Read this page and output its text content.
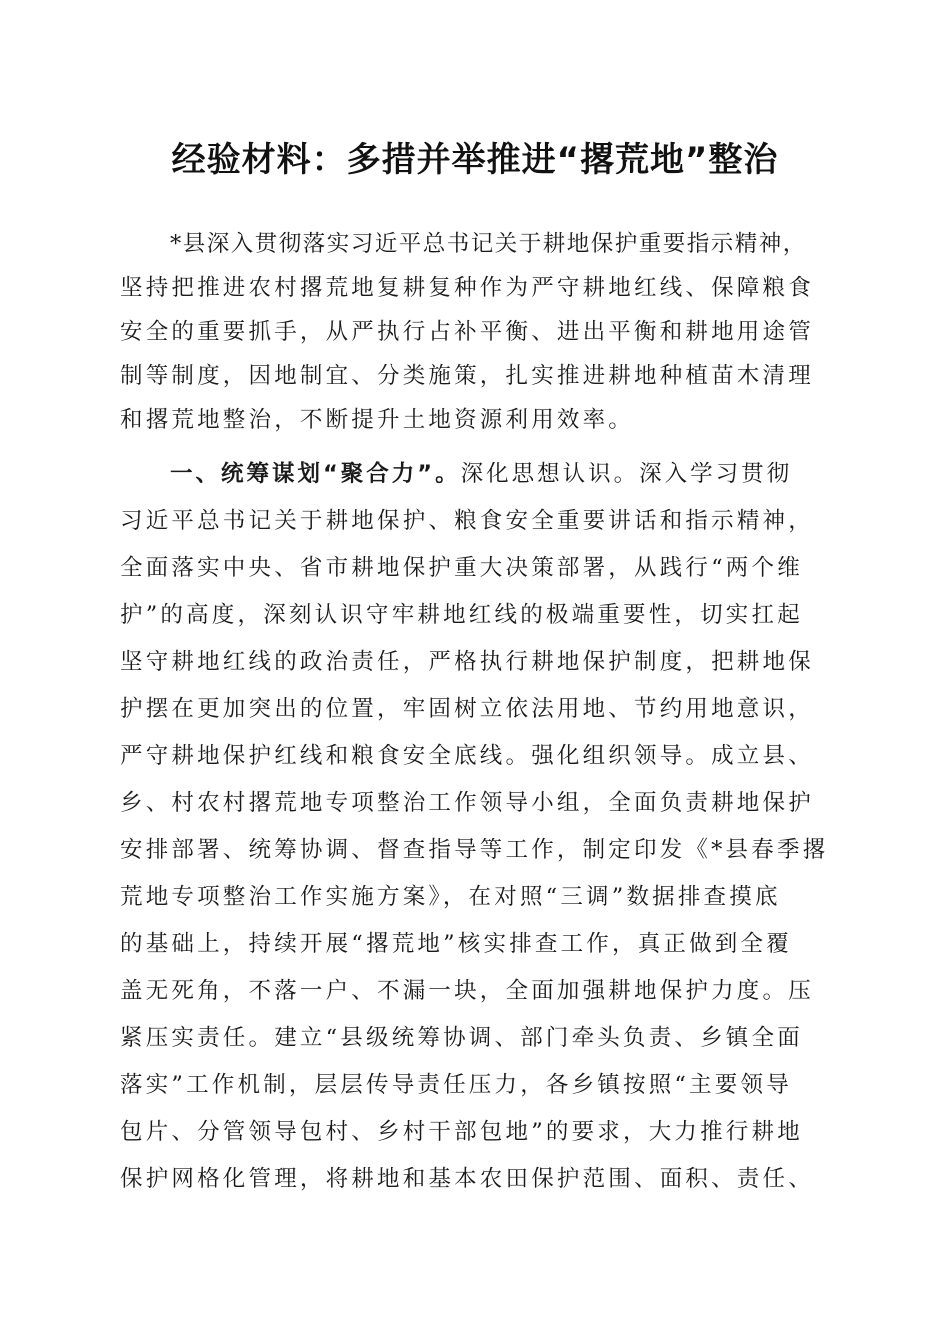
经验材料：多措并举推进“撂荒地”整治

*县深入贯彻落实习近平总书记关于耕地保护重要指示精神，

坚持把推进农村撂荒地复耕复种作为严守耕地红线、保障粮食

安全的重要抓手，从严执行占补平衡、进出平衡和耕地用途管

制等制度，因地制宜、分类施策，扎实推进耕地种植苗木清理

和撂荒地整治，不断提升土地资源利用效率。

一、统筹谋划“聚合力”。深化思想认识。深入学习贯彻

习近平总书记关于耕地保护、粮食安全重要讲话和指示精神，

全面落实中央、省市耕地保护重大决策部署，从践行“两个维

护”的高度，深刻认识守牢耕地红线的极端重要性，切实扛起

坚守耕地红线的政治责任，严格执行耕地保护制度，把耕地保

护摆在更加突出的位置，牢固树立依法用地、节约用地意识，

严守耕地保护红线和粮食安全底线。强化组织领导。成立县、

乡、村农村撂荒地专项整治工作领导小组，全面负责耕地保护

安排部署、统筹协调、督查指导等工作，制定印发《*县春季撂

荒地专项整治工作实施方案》，在对照“三调”数据排查摸底

的基础上，持续开展“撂荒地”核实排查工作，真正做到全覆

盖无死角，不落一户、不漏一块，全面加强耕地保护力度。压

紧压实责任。建立“县级统筹协调、部门牵头负责、乡镇全面

落实”工作机制，层层传导责任压力，各乡镇按照“主要领导

包片、分管领导包村、乡村干部包地”的要求，大力推行耕地

保护网格化管理，将耕地和基本农田保护范围、面积、责任、
